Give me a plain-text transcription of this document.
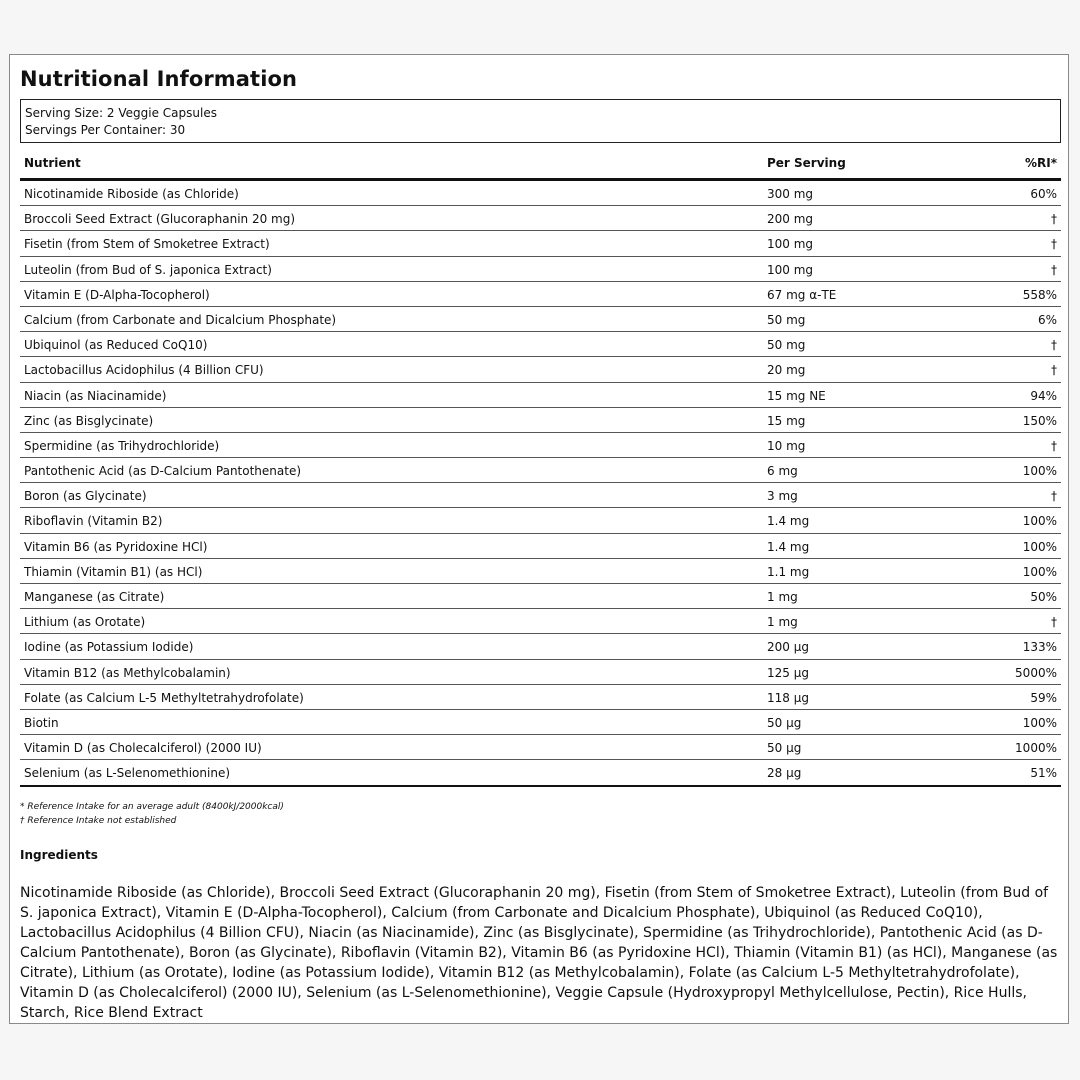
Nutritional Information
Serving Size: 2 Veggie Capsules
Servings Per Container: 30
Nutrient	Per Serving	%RI*
Nicotinamide Riboside (as Chloride)	300 mg	60%
Broccoli Seed Extract (Glucoraphanin 20 mg)	200 mg	†
Fisetin (from Stem of Smoketree Extract)	100 mg	†
Luteolin (from Bud of S. japonica Extract)	100 mg	†
Vitamin E (D-Alpha-Tocopherol)	67 mg α-TE	558%
Calcium (from Carbonate and Dicalcium Phosphate)	50 mg	6%
Ubiquinol (as Reduced CoQ10)	50 mg	†
Lactobacillus Acidophilus (4 Billion CFU)	20 mg	†
Niacin (as Niacinamide)	15 mg NE	94%
Zinc (as Bisglycinate)	15 mg	150%
Spermidine (as Trihydrochloride)	10 mg	†
Pantothenic Acid (as D-Calcium Pantothenate)	6 mg	100%
Boron (as Glycinate)	3 mg	†
Riboflavin (Vitamin B2)	1.4 mg	100%
Vitamin B6 (as Pyridoxine HCl)	1.4 mg	100%
Thiamin (Vitamin B1) (as HCl)	1.1 mg	100%
Manganese (as Citrate)	1 mg	50%
Lithium (as Orotate)	1 mg	†
Iodine (as Potassium Iodide)	200 µg	133%
Vitamin B12 (as Methylcobalamin)	125 µg	5000%
Folate (as Calcium L-5 Methyltetrahydrofolate)	118 µg	59%
Biotin	50 µg	100%
Vitamin D (as Cholecalciferol) (2000 IU)	50 µg	1000%
Selenium (as L-Selenomethionine)	28 µg	51%
* Reference Intake for an average adult (8400kJ/2000kcal)
† Reference Intake not established
Ingredients

Nicotinamide Riboside (as Chloride), Broccoli Seed Extract (Glucoraphanin 20 mg), Fisetin (from Stem of Smoketree Extract), Luteolin (from Bud of S. japonica Extract), Vitamin E (D-Alpha-Tocopherol), Calcium (from Carbonate and Dicalcium Phosphate), Ubiquinol (as Reduced CoQ10), Lactobacillus Acidophilus (4 Billion CFU), Niacin (as Niacinamide), Zinc (as Bisglycinate), Spermidine (as Trihydrochloride), Pantothenic Acid (as D-Calcium Pantothenate), Boron (as Glycinate), Riboflavin (Vitamin B2), Vitamin B6 (as Pyridoxine HCl), Thiamin (Vitamin B1) (as HCl), Manganese (as Citrate), Lithium (as Orotate), Iodine (as Potassium Iodide), Vitamin B12 (as Methylcobalamin), Folate (as Calcium L-5 Methyltetrahydrofolate), Vitamin D (as Cholecalciferol) (2000 IU), Selenium (as L-Selenomethionine), Veggie Capsule (Hydroxypropyl Methylcellulose, Pectin), Rice Hulls, Starch, Rice Blend Extract
